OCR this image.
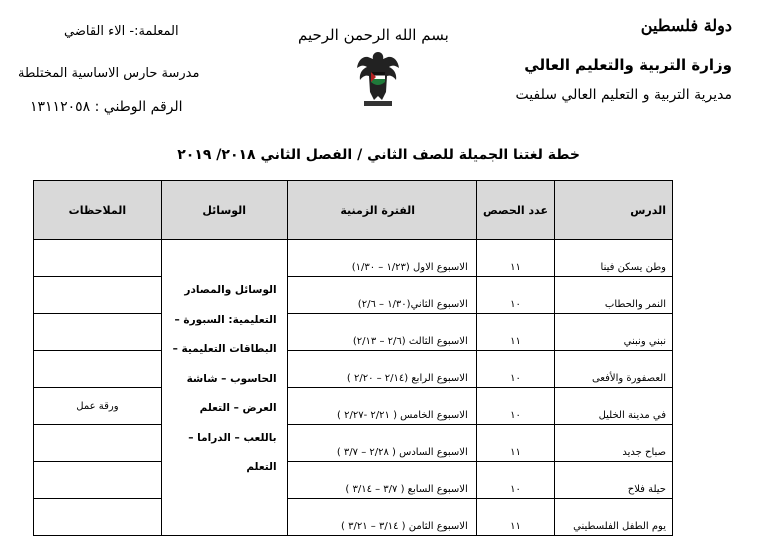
دولة فلسطين
وزارة التربية والتعليم العالي
مديرية التربية و التعليم العالي سلفيت
بسم الله الرحمن الرحيم
المعلمة:- الاء القاضي
مدرسة حارس الاساسية المختلطة
الرقم الوطني : ١٣١١٢٠٥٨
خطة لغتنا الجميلة للصف الثاني / الفصل الثاني ٢٠١٨/ ٢٠١٩
الدرس	عدد الحصص	الفترة الزمنية	الوسائل	الملاحظات
وطن يسكن فينا	١١	الاسبوع الاول (١/٢٣ – ١/٣٠)	الوسائل والمصادر التعليمية: السبورة – البطاقات التعليمية – الحاسوب – شاشة العرض – التعلم باللعب – الدراما – التعلم	
النمر والحطاب	١٠	الاسبوع الثاني(١/٣٠ – ٢/٦)		
نبني ونبني	١١	الاسبوع الثالث (٢/٦ – ٢/١٣)		
العصفورة والأفعى	١٠	الاسبوع الرابع (٢/١٤ – ٢/٢٠ )		
في مدينة الخليل	١٠	الاسبوع الخامس ( ٢/٢١ -٢/٢٧ )		ورقة عمل
صباح جديد	١١	الاسبوع السادس ( ٢/٢٨ – ٣/٧ )		
حيلة فلاح	١٠	الاسبوع السابع ( ٣/٧ – ٣/١٤ )		
يوم الطفل الفلسطيني	١١	الاسبوع الثامن ( ٣/١٤ – ٣/٢١ )		
